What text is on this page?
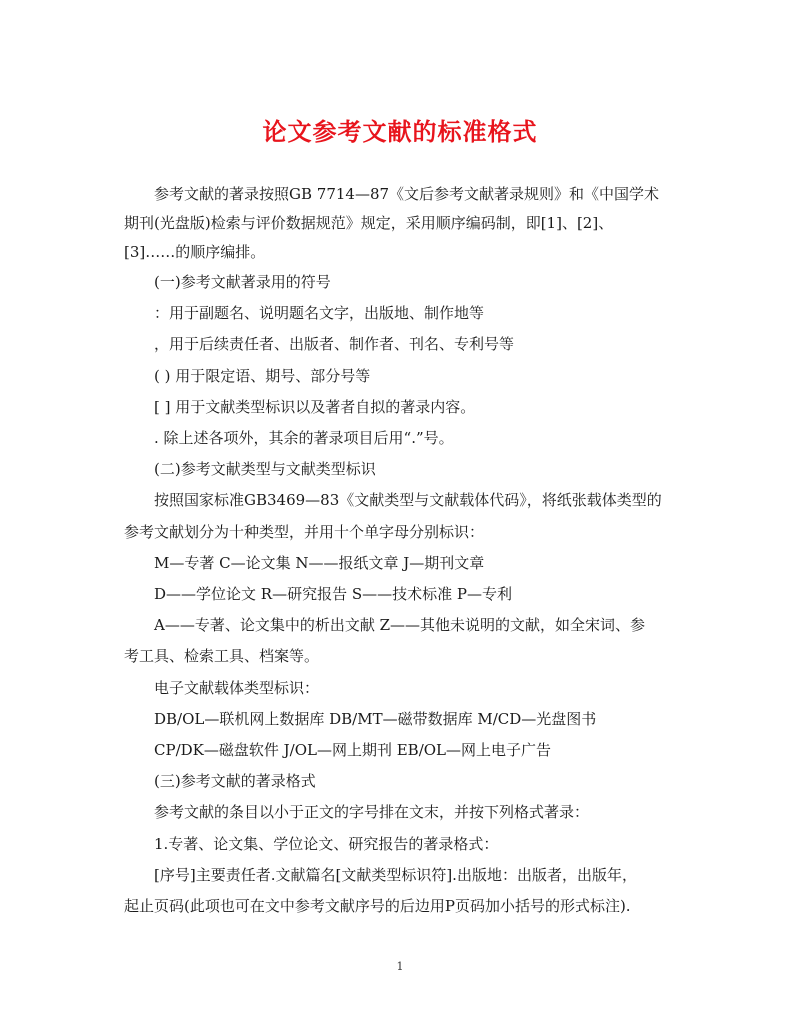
论文参考文献的标准格式

参考文献的著录按照GB 7714—87《文后参考文献著录规则》和《中国学术
期刊(光盘版)检索与评价数据规范》规定，采用顺序编码制，即[1]、[2]、
[3]……的顺序编排。

(一)参考文献著录用的符号

：用于副题名、说明题名文字，出版地、制作地等

，用于后续责任者、出版者、制作者、刊名、专利号等

( ) 用于限定语、期号、部分号等

[ ] 用于文献类型标识以及著者自拟的著录内容。

. 除上述各项外，其余的著录项目后用“.”号。

(二)参考文献类型与文献类型标识

按照国家标准GB3469—83《文献类型与文献载体代码》，将纸张载体类型的
参考文献划分为十种类型，并用十个单字母分别标识：

M—专著 C—论文集 N——报纸文章 J—期刊文章

D——学位论文 R—研究报告 S——技术标准 P—专利

A——专著、论文集中的析出文献 Z——其他未说明的文献，如全宋词、参
考工具、检索工具、档案等。

电子文献载体类型标识：

DB/OL—联机网上数据库 DB/MT—磁带数据库 M/CD—光盘图书

CP/DK—磁盘软件 J/OL—网上期刊 EB/OL—网上电子广告

(三)参考文献的著录格式

参考文献的条目以小于正文的字号排在文末，并按下列格式著录：

1.专著、论文集、学位论文、研究报告的著录格式：

[序号]主要责任者.文献篇名[文献类型标识符].出版地：出版者，出版年，
起止页码(此项也可在文中参考文献序号的后边用P页码加小括号的形式标注).

1
